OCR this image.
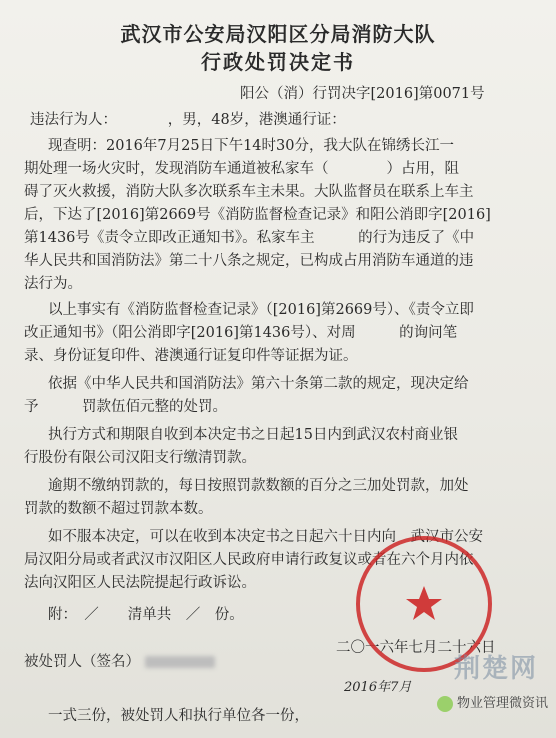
武汉市公安局汉阳区分局消防大队
行政处罚决定书
阳公（消）行罚决字[2016]第0071号
违法行为人：　　　　，男，48岁，港澳通行证：
现查明：2016年7月25日下午14时30分，我大队在锦绣长江一
期处理一场火灾时，发现消防车通道被私家车（　　　　）占用，阻
碍了灭火救援，消防大队多次联系车主未果。大队监督员在联系上车主
后，下达了[2016]第2669号《消防监督检查记录》和阳公消即字[2016]
第1436号《责令立即改正通知书》。私家车主　　　的行为违反了《中
华人民共和国消防法》第二十八条之规定，已构成占用消防车通道的违
法行为。
以上事实有《消防监督检查记录》（[2016]第2669号）、《责令立即
改正通知书》（阳公消即字[2016]第1436号）、对周　　　的询问笔
录、身份证复印件、港澳通行证复印件等证据为证。
依据《中华人民共和国消防法》第六十条第二款的规定，现决定给
予　　　罚款伍佰元整的处罚。
执行方式和期限自收到本决定书之日起15日内到武汉农村商业银
行股份有限公司汉阳支行缴清罚款。
逾期不缴纳罚款的，每日按照罚款数额的百分之三加处罚款，加处
罚款的数额不超过罚款本数。
如不服本决定，可以在收到本决定书之日起六十日内向　武汉市公安
局汉阳分局或者武汉市汉阳区人民政府申请行政复议或者在六个月内依
法向汉阳区人民法院提起行政诉讼。
附：　／　　清单共　／　份。
二〇一六年七月二十六日
被处罚人（签名）
2016年7月
一式三份，被处罚人和执行单位各一份，
荆楚网
物业管理微资讯
